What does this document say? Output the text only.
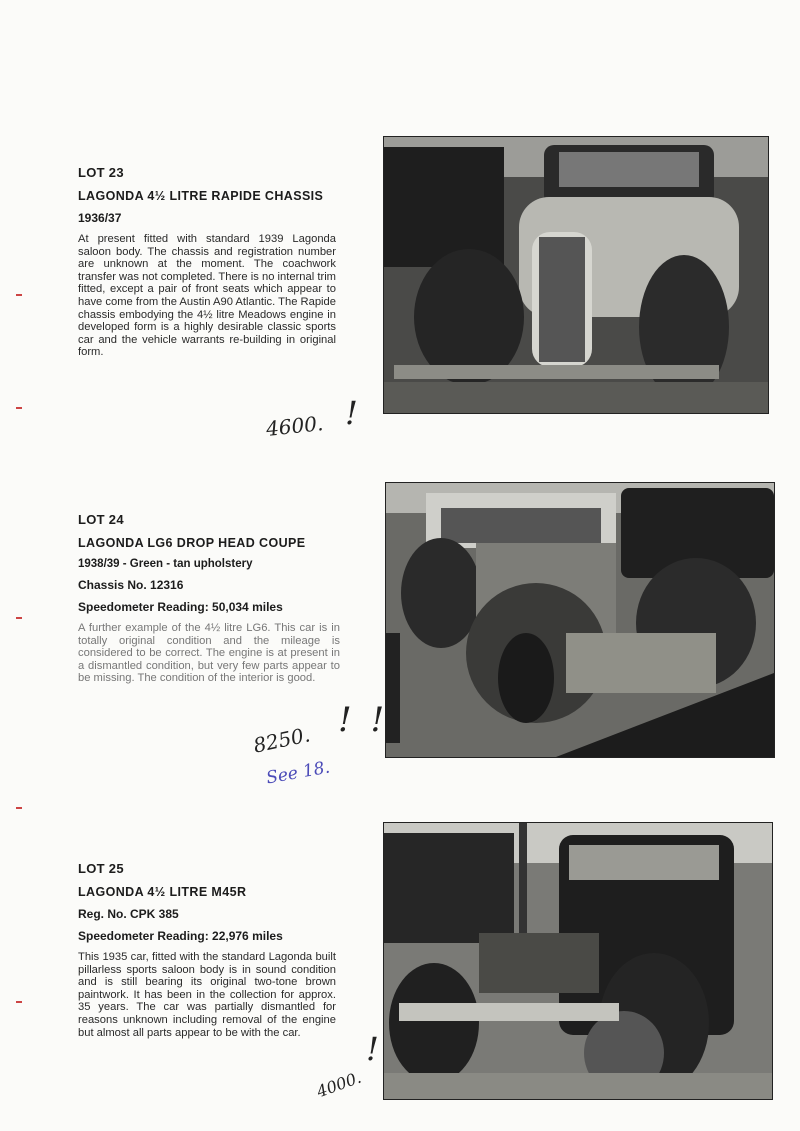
LOT 23
LAGONDA 4½ LITRE RAPIDE CHASSIS
1936/37
At present fitted with standard 1939 Lagonda saloon body. The chassis and registration number are unknown at the moment. The coachwork transfer was not completed. There is no internal trim fitted, except a pair of front seats which appear to have come from the Austin A90 Atlantic. The Rapide chassis embodying the 4½ litre Meadows engine in developed form is a highly desirable classic sports car and the vehicle warrants re-building in original form.
4600. !
LOT 24
LAGONDA LG6 DROP HEAD COUPE
1938/39 - Green - tan upholstery
Chassis No. 12316
Speedometer Reading: 50,034 miles
A further example of the 4½ litre LG6. This car is in totally original condition and the mileage is considered to be correct. The engine is at present in a dismantled condition, but very few parts appear to be missing. The condition of the interior is good.
8250. ! !
See 18.
LOT 25
LAGONDA 4½ LITRE M45R
Reg. No. CPK 385
Speedometer Reading: 22,976 miles
This 1935 car, fitted with the standard Lagonda built pillarless sports saloon body is in sound condition and is still bearing its original two-tone brown paintwork. It has been in the collection for approx. 35 years. The car was partially dismantled for reasons unknown including removal of the engine but almost all parts appear to be with the car.
4000.
!
